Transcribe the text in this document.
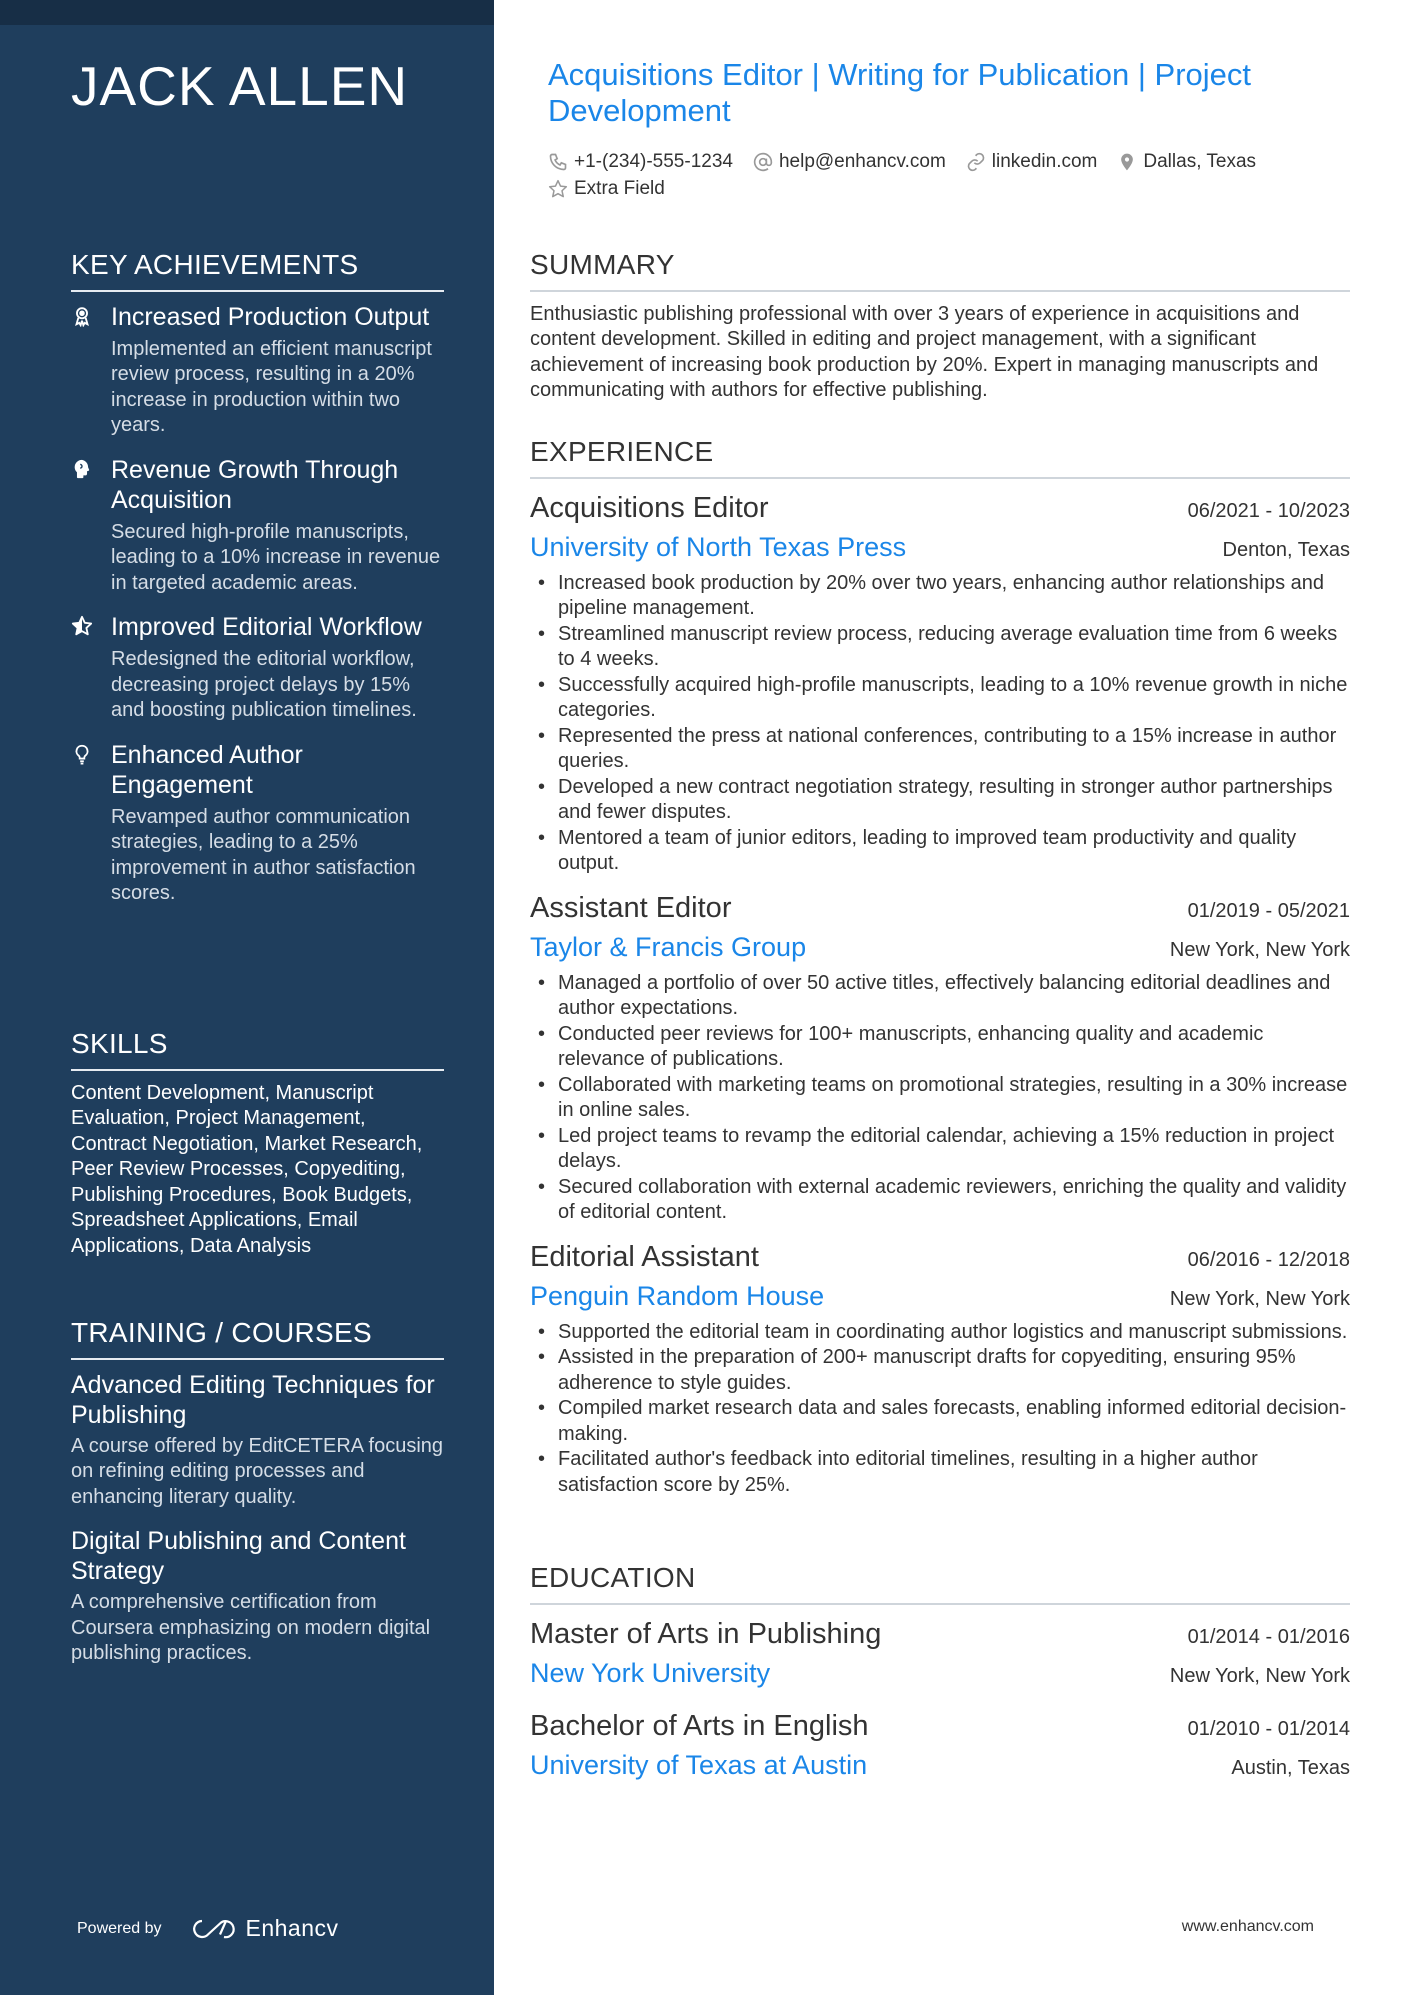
JACK ALLEN
KEY ACHIEVEMENTS
Increased Production Output
Implemented an efficient manuscript review process, resulting in a 20% increase in production within two years.
Revenue Growth Through Acquisition
Secured high-profile manuscripts, leading to a 10% increase in revenue in targeted academic areas.
Improved Editorial Workflow
Redesigned the editorial workflow, decreasing project delays by 15% and boosting publication timelines.
Enhanced Author Engagement
Revamped author communication strategies, leading to a 25% improvement in author satisfaction scores.
SKILLS
Content Development, Manuscript Evaluation, Project Management, Contract Negotiation, Market Research, Peer Review Processes, Copyediting, Publishing Procedures, Book Budgets, Spreadsheet Applications, Email Applications, Data Analysis
TRAINING / COURSES
Advanced Editing Techniques for Publishing
A course offered by EditCETERA focusing on refining editing processes and enhancing literary quality.
Digital Publishing and Content Strategy
A comprehensive certification from Coursera emphasizing on modern digital publishing practices.
Powered by	Enhancv
Acquisitions Editor | Writing for Publication | Project Development
+1-(234)-555-1234 help@enhancv.com linkedin.com Dallas, Texas
Extra Field
SUMMARY
Enthusiastic publishing professional with over 3 years of experience in acquisitions and content development. Skilled in editing and project management, with a significant achievement of increasing book production by 20%. Expert in managing manuscripts and communicating with authors for effective publishing.
EXPERIENCE
Acquisitions Editor	06/2021 - 10/2023
University of North Texas Press	Denton, Texas
• Increased book production by 20% over two years, enhancing author relationships and pipeline management.
• Streamlined manuscript review process, reducing average evaluation time from 6 weeks to 4 weeks.
• Successfully acquired high-profile manuscripts, leading to a 10% revenue growth in niche categories.
• Represented the press at national conferences, contributing to a 15% increase in author queries.
• Developed a new contract negotiation strategy, resulting in stronger author partnerships and fewer disputes.
• Mentored a team of junior editors, leading to improved team productivity and quality output.
Assistant Editor	01/2019 - 05/2021
Taylor & Francis Group	New York, New York
• Managed a portfolio of over 50 active titles, effectively balancing editorial deadlines and author expectations.
• Conducted peer reviews for 100+ manuscripts, enhancing quality and academic relevance of publications.
• Collaborated with marketing teams on promotional strategies, resulting in a 30% increase in online sales.
• Led project teams to revamp the editorial calendar, achieving a 15% reduction in project delays.
• Secured collaboration with external academic reviewers, enriching the quality and validity of editorial content.
Editorial Assistant	06/2016 - 12/2018
Penguin Random House	New York, New York
• Supported the editorial team in coordinating author logistics and manuscript submissions.
• Assisted in the preparation of 200+ manuscript drafts for copyediting, ensuring 95% adherence to style guides.
• Compiled market research data and sales forecasts, enabling informed editorial decision-making.
• Facilitated author's feedback into editorial timelines, resulting in a higher author satisfaction score by 25%.
EDUCATION
Master of Arts in Publishing	01/2014 - 01/2016
New York University	New York, New York
Bachelor of Arts in English	01/2010 - 01/2014
University of Texas at Austin	Austin, Texas
www.enhancv.com
